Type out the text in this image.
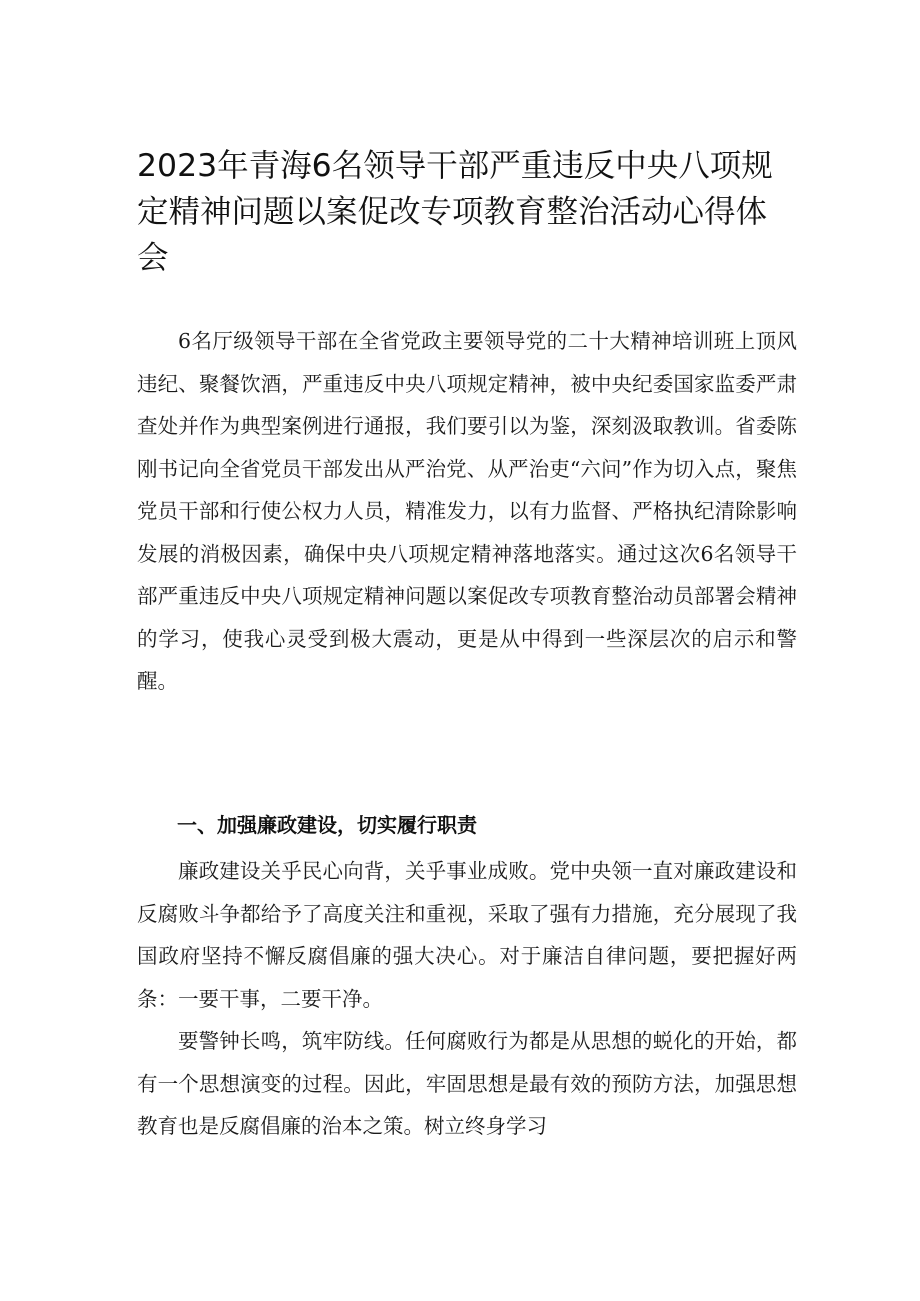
2023年青海6名领导干部严重违反中央八项规定精神问题以案促改专项教育整治活动心得体会

6名厅级领导干部在全省党政主要领导党的二十大精神培训班上顶风违纪、聚餐饮酒，严重违反中央八项规定精神，被中央纪委国家监委严肃查处并作为典型案例进行通报，我们要引以为鉴，深刻汲取教训。省委陈刚书记向全省党员干部发出从严治党、从严治吏“六问”作为切入点，聚焦党员干部和行使公权力人员，精准发力，以有力监督、严格执纪清除影响发展的消极因素，确保中央八项规定精神落地落实。通过这次6名领导干部严重违反中央八项规定精神问题以案促改专项教育整治动员部署会精神的学习，使我心灵受到极大震动，更是从中得到一些深层次的启示和警醒。

一、加强廉政建设，切实履行职责

廉政建设关乎民心向背，关乎事业成败。党中央领一直对廉政建设和反腐败斗争都给予了高度关注和重视，采取了强有力措施，充分展现了我国政府坚持不懈反腐倡廉的强大决心。对于廉洁自律问题，要把握好两条：一要干事，二要干净。

要警钟长鸣，筑牢防线。任何腐败行为都是从思想的蜕化的开始，都有一个思想演变的过程。因此，牢固思想是最有效的预防方法，加强思想教育也是反腐倡廉的治本之策。树立终身学习
